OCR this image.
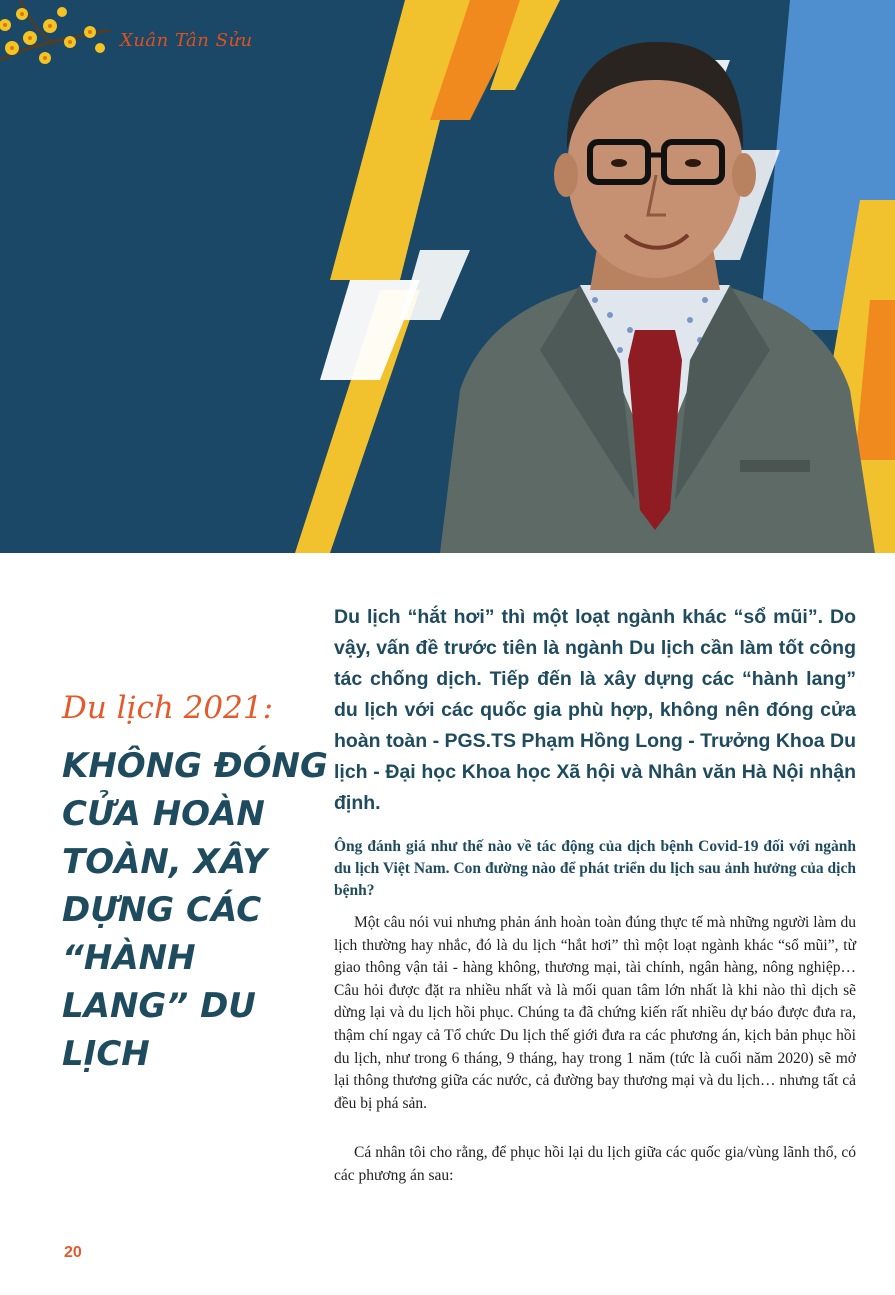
Xuân Tân Sửu
Du lịch 2021:
KHÔNG ĐÓNG CỬA HOÀN TOÀN, XÂY DỰNG CÁC “HÀNH LANG” DU LỊCH

Du lịch “hắt hơi” thì một loạt ngành khác “sổ mũi”. Do vậy, vấn đề trước tiên là ngành Du lịch cần làm tốt công tác chống dịch. Tiếp đến là xây dựng các “hành lang” du lịch với các quốc gia phù hợp, không nên đóng cửa hoàn toàn - PGS.TS Phạm Hồng Long - Trưởng Khoa Du lịch - Đại học Khoa học Xã hội và Nhân văn Hà Nội nhận định.

Ông đánh giá như thế nào về tác động của dịch bệnh Covid-19 đối với ngành du lịch Việt Nam. Con đường nào để phát triển du lịch sau ảnh hưởng của dịch bệnh?

Một câu nói vui nhưng phản ánh hoàn toàn đúng thực tế mà những người làm du lịch thường hay nhắc, đó là du lịch “hắt hơi” thì một loạt ngành khác “sổ mũi”, từ giao thông vận tải - hàng không, thương mại, tài chính, ngân hàng, nông nghiệp… Câu hỏi được đặt ra nhiều nhất và là mối quan tâm lớn nhất là khi nào thì dịch sẽ dừng lại và du lịch hồi phục. Chúng ta đã chứng kiến rất nhiều dự báo được đưa ra, thậm chí ngay cả Tổ chức Du lịch thế giới đưa ra các phương án, kịch bản phục hồi du lịch, như trong 6 tháng, 9 tháng, hay trong 1 năm (tức là cuối năm 2020) sẽ mở lại thông thương giữa các nước, cả đường bay thương mại và du lịch… nhưng tất cả đều bị phá sản.

Cá nhân tôi cho rằng, để phục hồi lại du lịch giữa các quốc gia/vùng lãnh thổ, có các phương án sau:

20
